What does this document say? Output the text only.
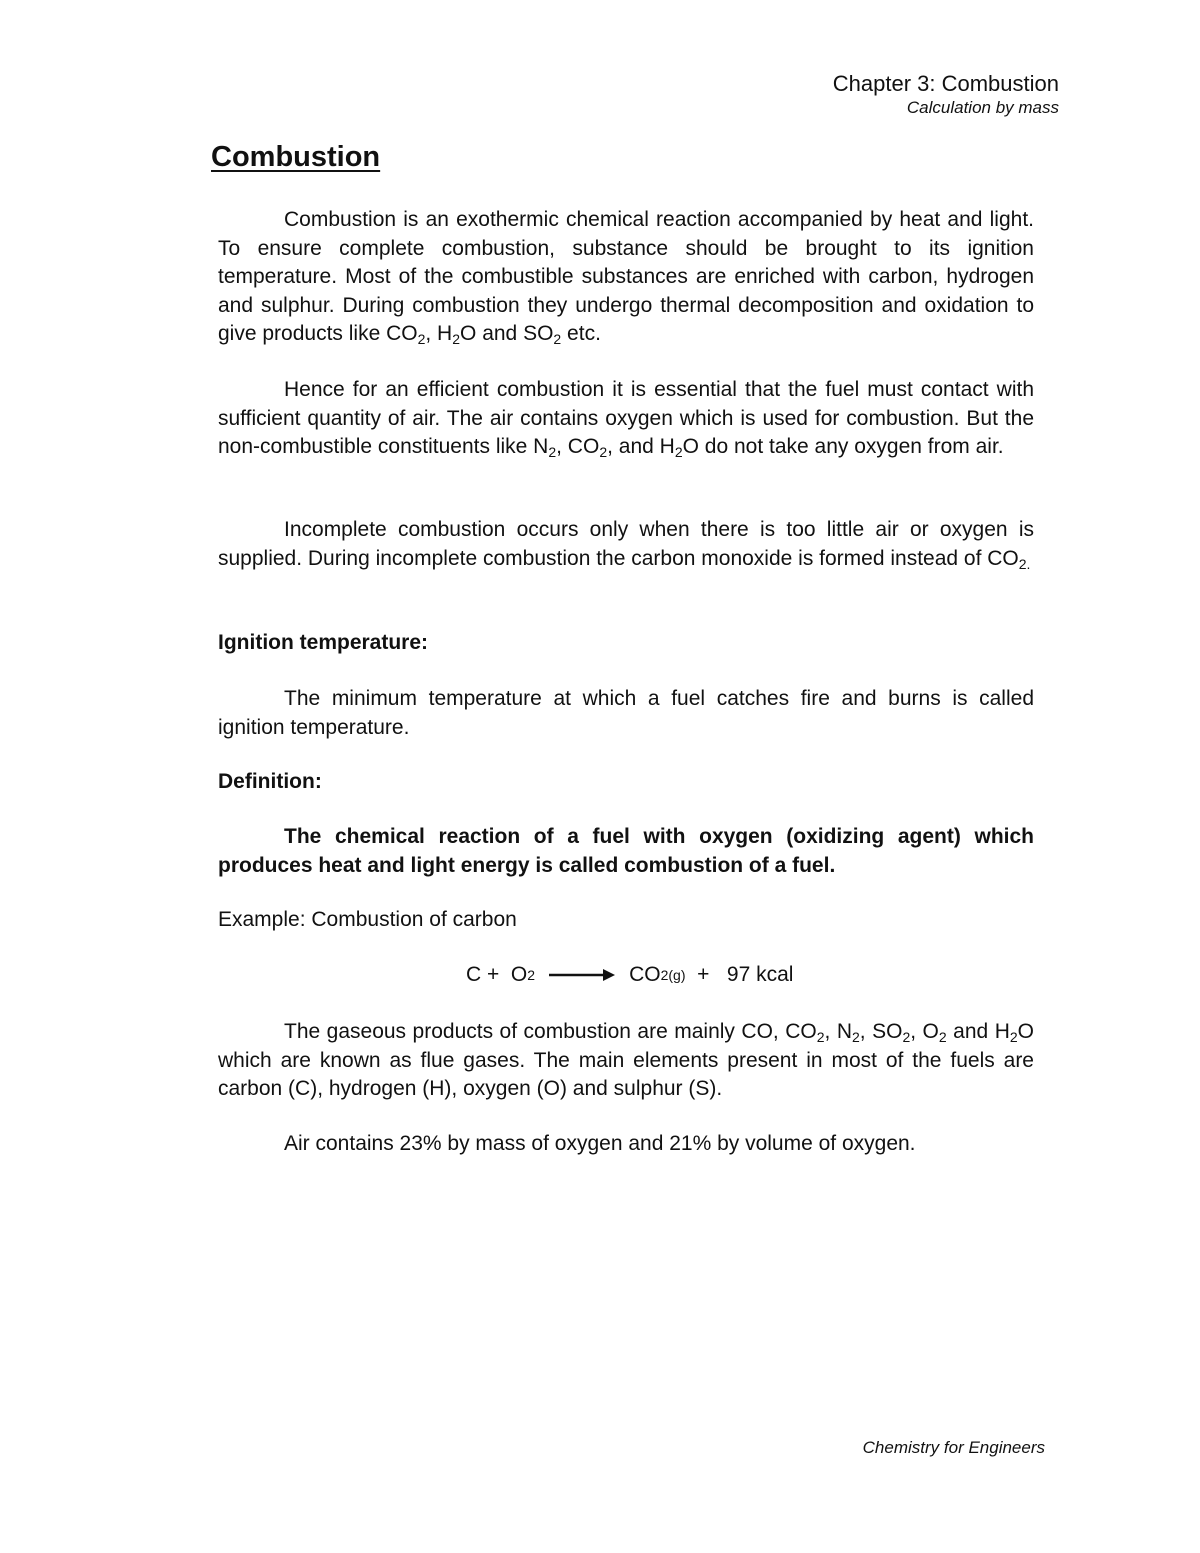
Chapter 3: Combustion
Calculation by mass
Combustion

Combustion is an exothermic chemical reaction accompanied by heat and light. To ensure complete combustion, substance should be brought to its ignition temperature. Most of the combustible substances are enriched with carbon, hydrogen and sulphur. During combustion they undergo thermal decomposition and oxidation to give products like $CO_2$, $H_2O$ and $SO_2$ etc.

Hence for an efficient combustion it is essential that the fuel must contact with sufficient quantity of air. The air contains oxygen which is used for combustion. But the non-combustible constituents like $N_2$, $CO_2$, and $H_2O$ do not take any oxygen from air.

Incomplete combustion occurs only when there is too little air or oxygen is supplied. During incomplete combustion the carbon monoxide is formed instead of $CO_{2.}$

Ignition temperature:

The minimum temperature at which a fuel catches fire and burns is called ignition temperature.

Definition:

The chemical reaction of a fuel with oxygen (oxidizing agent) which produces heat and light energy is called combustion of a fuel.

Example: Combustion of carbon
C +  O 2 →
CO 2(g) +   97 kcal

The gaseous products of combustion are mainly CO, $CO_2$, $N_2$, $SO_2$, $O_2$ and $H_2O$ which are known as flue gases. The main elements present in most of the fuels are carbon (C), hydrogen (H), oxygen (O) and sulphur (S).

Air contains 23% by mass of oxygen and 21% by volume of oxygen.

Chemistry for Engineers
